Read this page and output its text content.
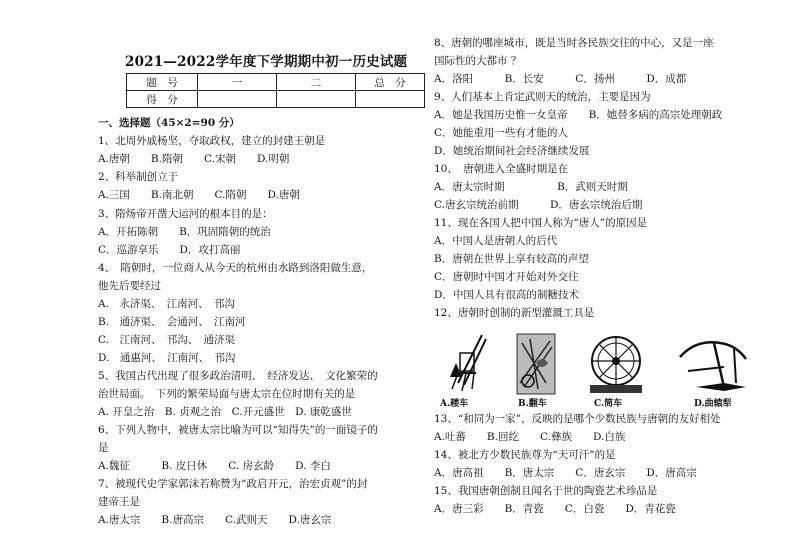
2021—2022学年度下学期期中初一历史试题
题　号	一	二	总　分
得　分			
一、选择题（45×2=90 分）
1、北周外戚杨坚，夺取政权，建立的封建王朝是
A.唐朝　　B.隋朝　　C.宋朝　　D.明朝
2、科举制创立于
A.三国　　B.南北朝　　C.隋朝　　D.唐朝
3、隋炀帝开凿大运河的根本目的是：
A．开拓陈朝　　B．巩固隋朝的统治
C．巡游享乐　　D．攻打高丽
4、　隋朝时，一位商人从今天的杭州由水路到洛阳做生意，
他先后要经过
A.　永济渠、　江南河、　邗沟
B.　通济渠、　会通河、　江南河
C.　江南河、　邗沟、　通济渠
D.　通惠河、　江南河、　邗沟
5、我国古代出现了很多政治清明、　经济发达、　文化繁荣的
治世局面。　下列的繁荣局面与唐太宗在位时期有关的是
A. 开皇之治　B. 贞观之治　C.开元盛世　D. 康乾盛世
6、下列人物中，被唐太宗比喻为可以“知得失”的一面镜子的
是
A.魏征　　　B. 皮日休　　C. 房玄龄　　D. 李白
7、被现代史学家郭沫若称赞为“政启开元，治宏贞观”的封
建帝王是
A.唐太宗　　B.唐高宗　　C.武则天　　D.唐玄宗
8、唐朝的哪座城市，既是当时各民族交往的中心，又是一座
国际性的大都市 ？
A．洛阳　　　B．长安　　　C．扬州　　　D．成都
9、人们基本上肯定武则天的统治，主要是因为
A．她是我国历史惟一女皇帝　　B．她替多病的高宗处理朝政
C．她能重用一些有才能的人
D．她统治期间社会经济继续发展
10、　唐朝进入全盛时期是在
A．唐太宗时期　　　　　B．武则天时期
C.唐玄宗统治前期　　　D．唐玄宗统治后期
11、现在各国人把中国人称为“唐人”的原因是
A．中国人是唐朝人的后代
B．唐朝在世界上享有较高的声望
C．唐朝时中国才开始对外交往
D．中国人具有很高的制糖技术
12、唐朝时创制的新型灌溉工具是
A.耧车	B.翻车	C.简车	D.曲辕犁
13、“和同为一家”，反映的是哪个少数民族与唐朝的友好相处
A.吐蕃　　B.回纥　　C.彝族　　D.白族
14、被北方少数民族尊为“天可汗”的是
A．唐高祖　　B．唐太宗　　C．唐玄宗　　D．唐高宗
15、我国唐朝创制且闻名于世的陶瓷艺术珍品是
A．唐三彩　　B．青瓷　　C．白瓷　　D．青花瓷
